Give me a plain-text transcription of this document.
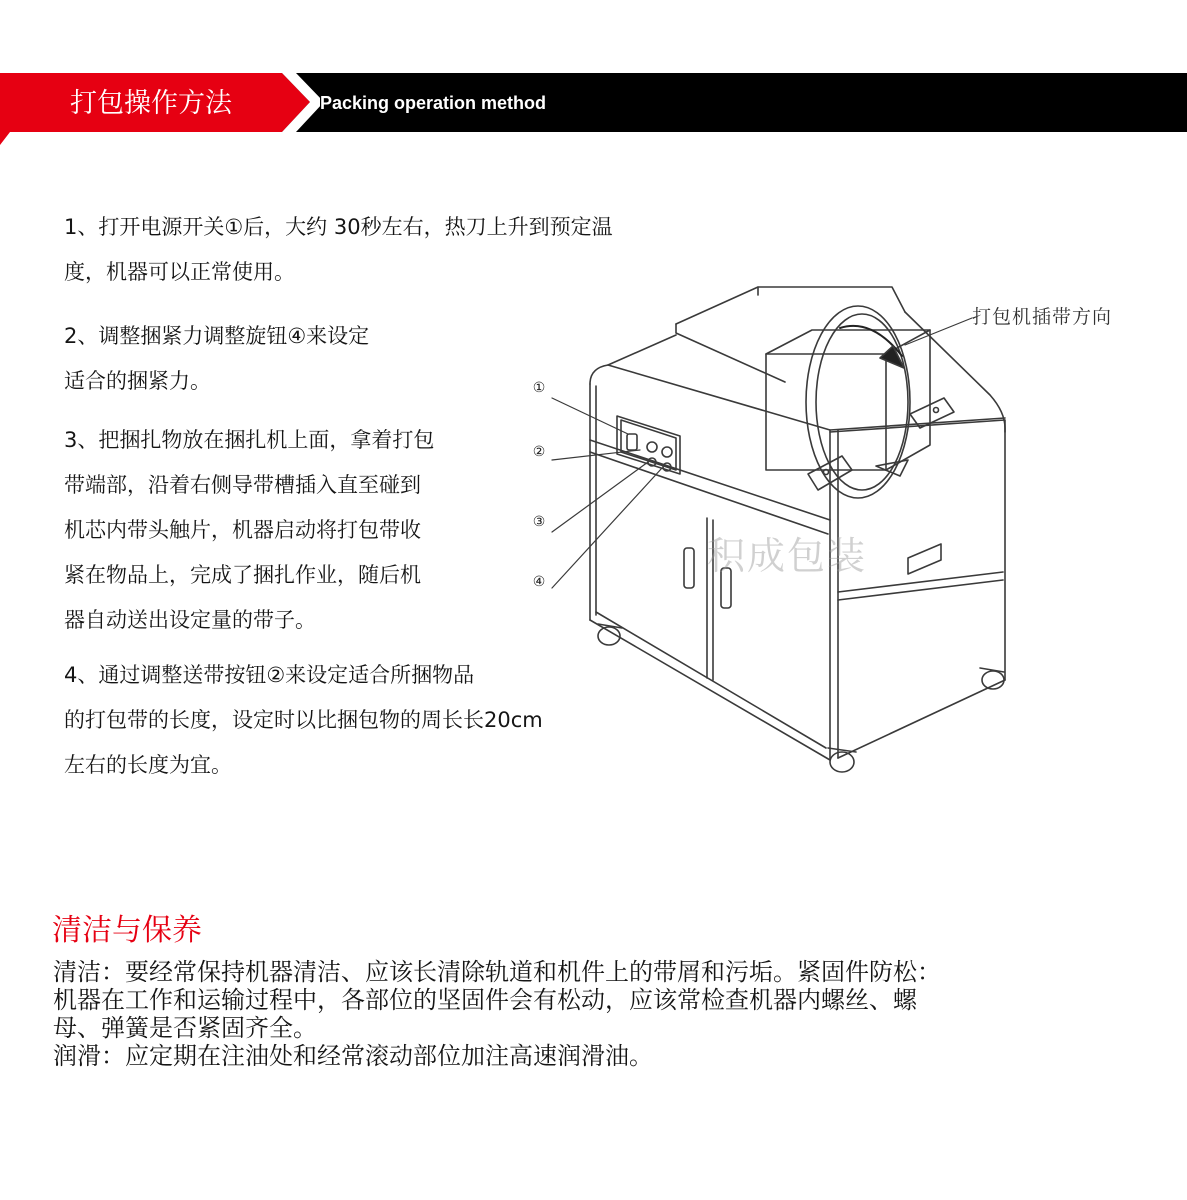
打包操作方法	Packing operation method
1、打开电源开关①后，大约 30秒左右，热刀上升到预定温
度，机器可以正常使用。
2、调整捆紧力调整旋钮④来设定
适合的捆紧力。
3、把捆扎物放在捆扎机上面，拿着打包
带端部，沿着右侧导带槽插入直至碰到
机芯内带头触片，机器启动将打包带收
紧在物品上，完成了捆扎作业，随后机
器自动送出设定量的带子。
4、通过调整送带按钮②来设定适合所捆物品
的打包带的长度，设定时以比捆包物的周长长20cm
左右的长度为宜。
打包机插带方向
①
②
③
④
积成包装
清洁与保养
清洁：要经常保持机器清洁、应该长清除轨道和机件上的带屑和污垢。紧固件防松：
机器在工作和运输过程中，各部位的坚固件会有松动，应该常检查机器内螺丝、螺
母、弹簧是否紧固齐全。
润滑：应定期在注油处和经常滚动部位加注高速润滑油。
